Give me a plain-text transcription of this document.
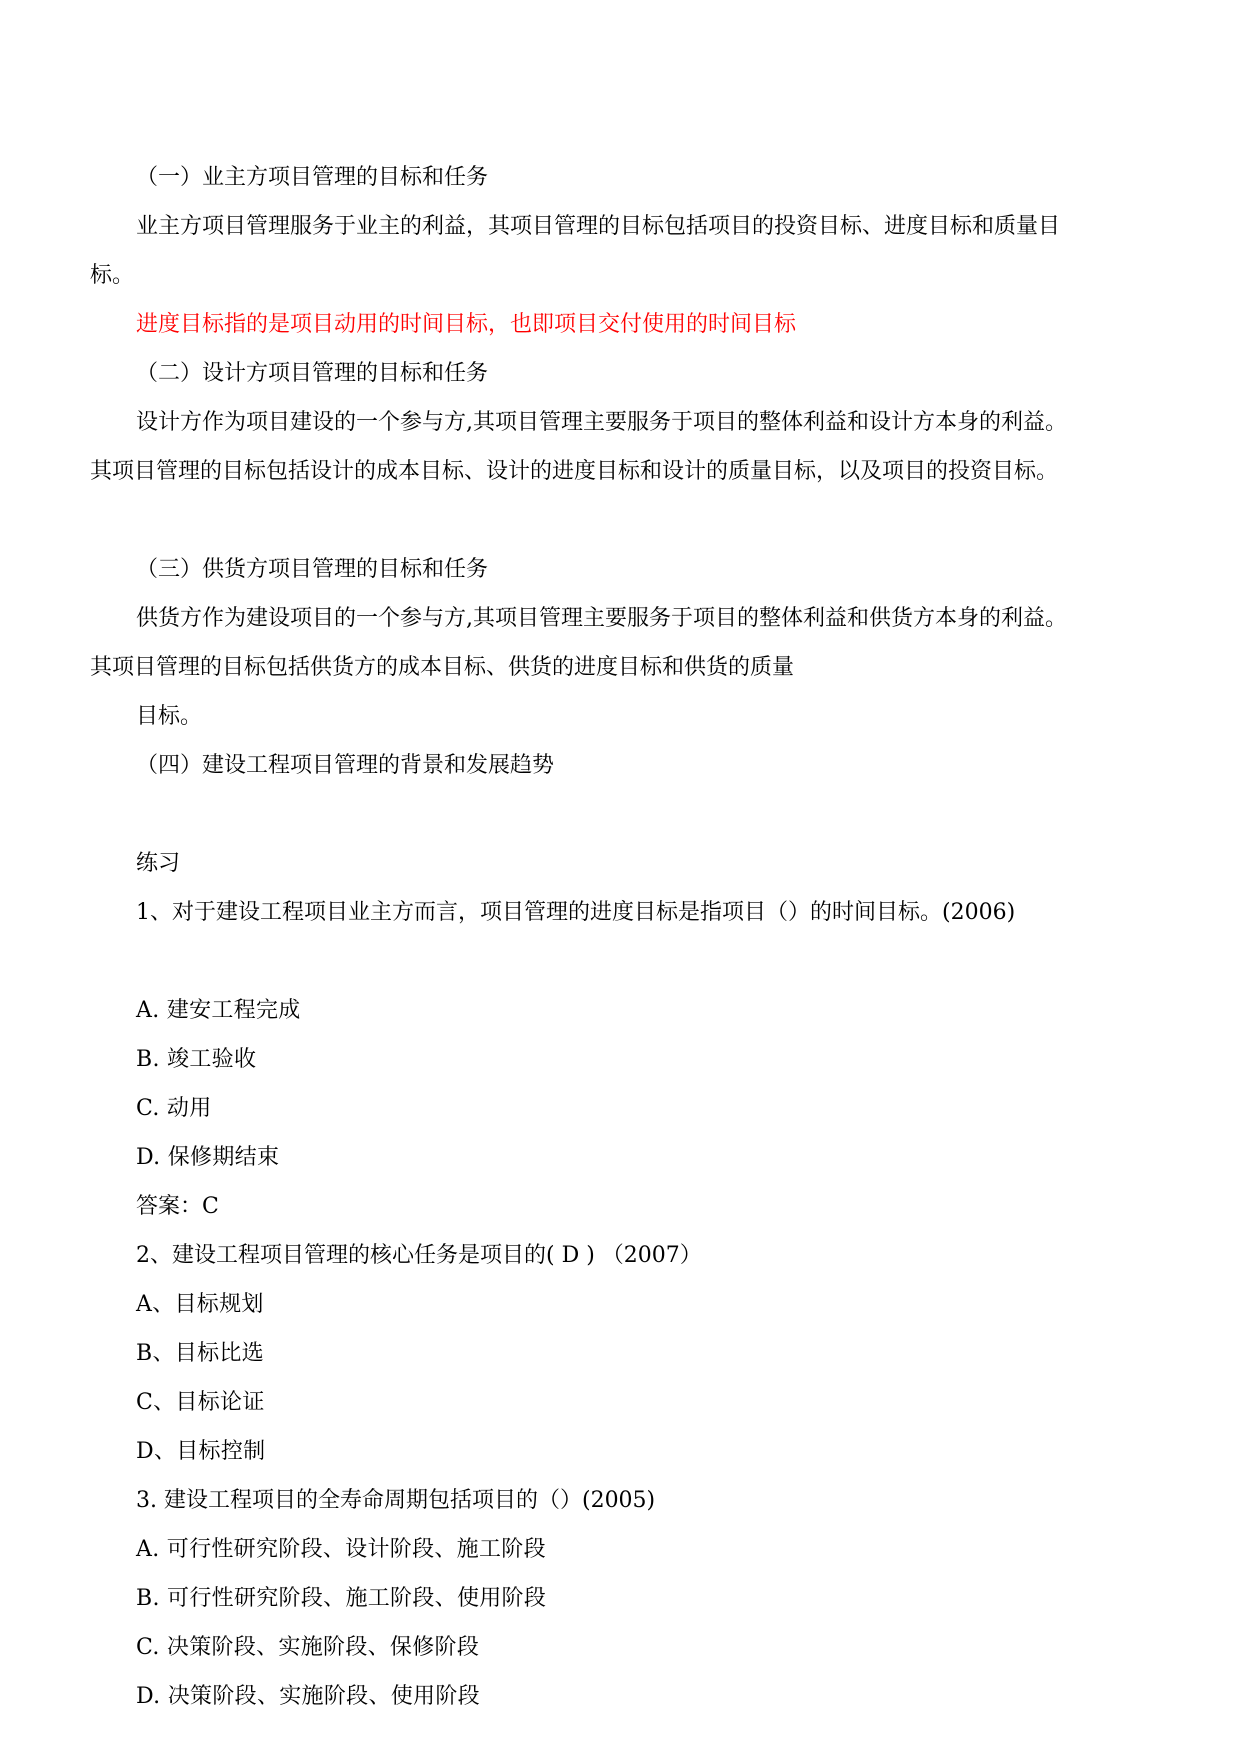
（一）业主方项目管理的目标和任务

业主方项目管理服务于业主的利益，其项目管理的目标包括项目的投资目标、进度目标和质量目

标。

进度目标指的是项目动用的时间目标，也即项目交付使用的时间目标

（二）设计方项目管理的目标和任务

设计方作为项目建设的一个参与方,其项目管理主要服务于项目的整体利益和设计方本身的利益。

其项目管理的目标包括设计的成本目标、设计的进度目标和设计的质量目标，以及项目的投资目标。

（三）供货方项目管理的目标和任务

供货方作为建设项目的一个参与方,其项目管理主要服务于项目的整体利益和供货方本身的利益。

其项目管理的目标包括供货方的成本目标、供货的进度目标和供货的质量

目标。

（四）建设工程项目管理的背景和发展趋势

练习

1、对于建设工程项目业主方而言，项目管理的进度目标是指项目（）的时间目标。(2006)

A. 建安工程完成

B. 竣工验收

C. 动用

D. 保修期结束

答案：C

2、建设工程项目管理的核心任务是项目的( D ) （2007）

A、目标规划

B、目标比选

C、目标论证

D、目标控制

3. 建设工程项目的全寿命周期包括项目的（）(2005)

A. 可行性研究阶段、设计阶段、施工阶段

B. 可行性研究阶段、施工阶段、使用阶段

C. 决策阶段、实施阶段、保修阶段

D. 决策阶段、实施阶段、使用阶段
